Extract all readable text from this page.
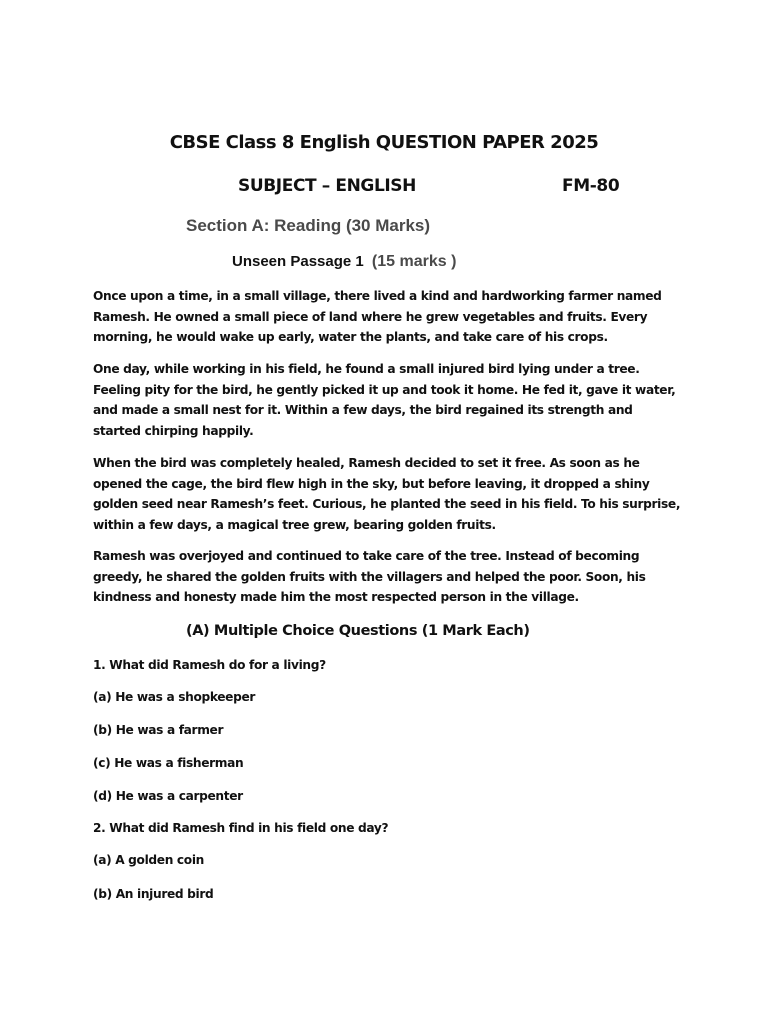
CBSE Class 8 English QUESTION PAPER 2025
SUBJECT – ENGLISH	FM-80
Section A: Reading (30 Marks)
Unseen Passage 1 (15 marks )

Once upon a time, in a small village, there lived a kind and hardworking farmer named Ramesh. He owned a small piece of land where he grew vegetables and fruits. Every morning, he would wake up early, water the plants, and take care of his crops.

One day, while working in his field, he found a small injured bird lying under a tree. Feeling pity for the bird, he gently picked it up and took it home. He fed it, gave it water, and made a small nest for it. Within a few days, the bird regained its strength and started chirping happily.

When the bird was completely healed, Ramesh decided to set it free. As soon as he opened the cage, the bird flew high in the sky, but before leaving, it dropped a shiny golden seed near Ramesh’s feet. Curious, he planted the seed in his field. To his surprise, within a few days, a magical tree grew, bearing golden fruits.

Ramesh was overjoyed and continued to take care of the tree. Instead of becoming greedy, he shared the golden fruits with the villagers and helped the poor. Soon, his kindness and honesty made him the most respected person in the village.

(A) Multiple Choice Questions (1 Mark Each)

1. What did Ramesh do for a living?

(a) He was a shopkeeper

(b) He was a farmer

(c) He was a fisherman

(d) He was a carpenter

2. What did Ramesh find in his field one day?

(a) A golden coin

(b) An injured bird
